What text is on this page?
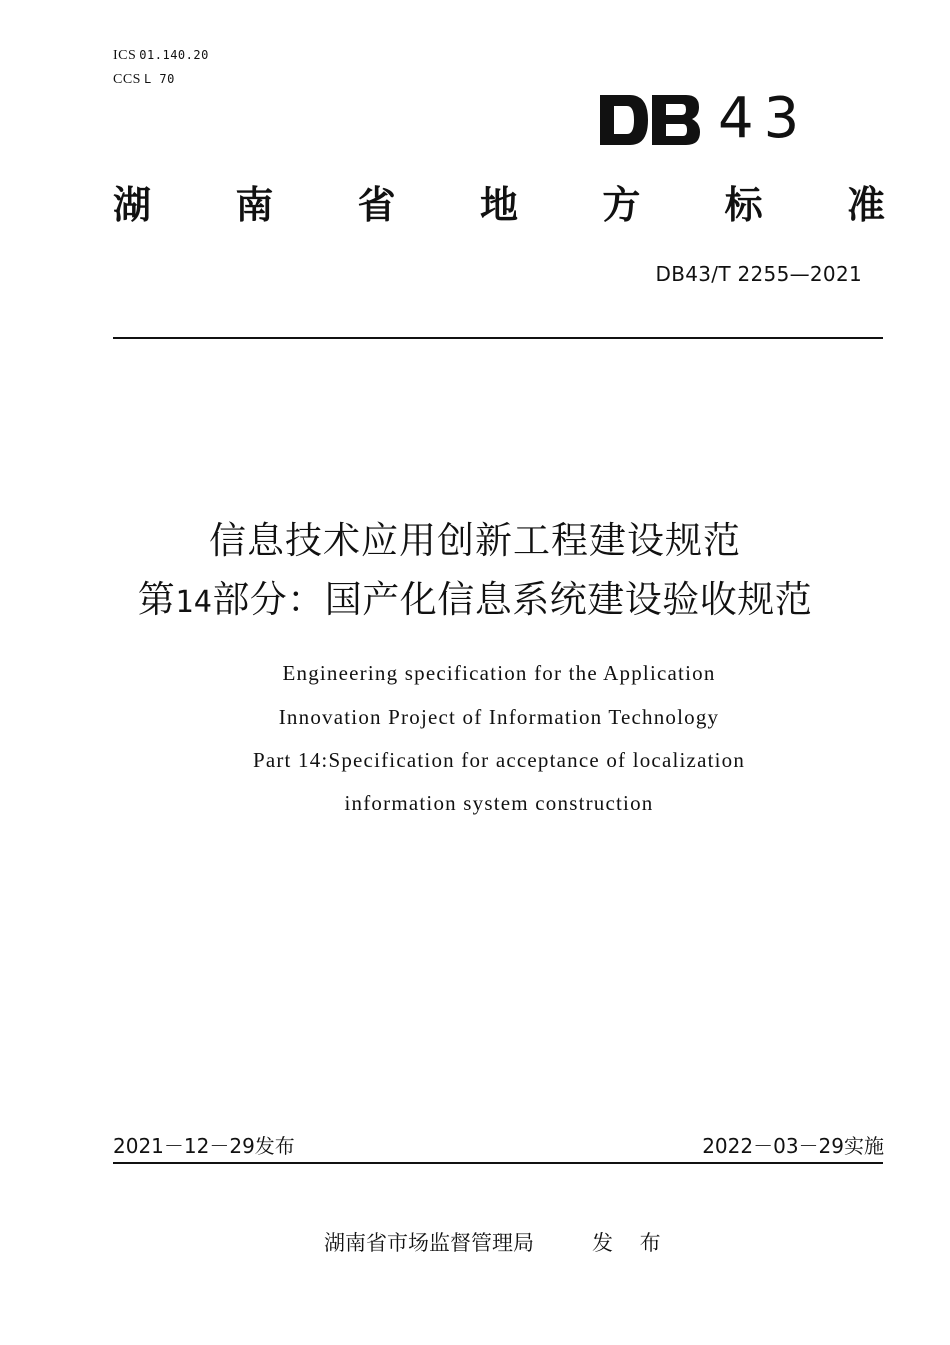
ICS 01.140.20
CCS L 70
43
湖 南 省 地 方 标 准
DB43/T 2255—2021
信息技术应用创新工程建设规范
第14部分：国产化信息系统建设验收规范
Engineering specification for the Application
Innovation Project of Information Technology
Part 14:Specification for acceptance of localization
information system construction
2021－12－29发布	2022－03－29实施
湖南省市场监督管理局	发 布
